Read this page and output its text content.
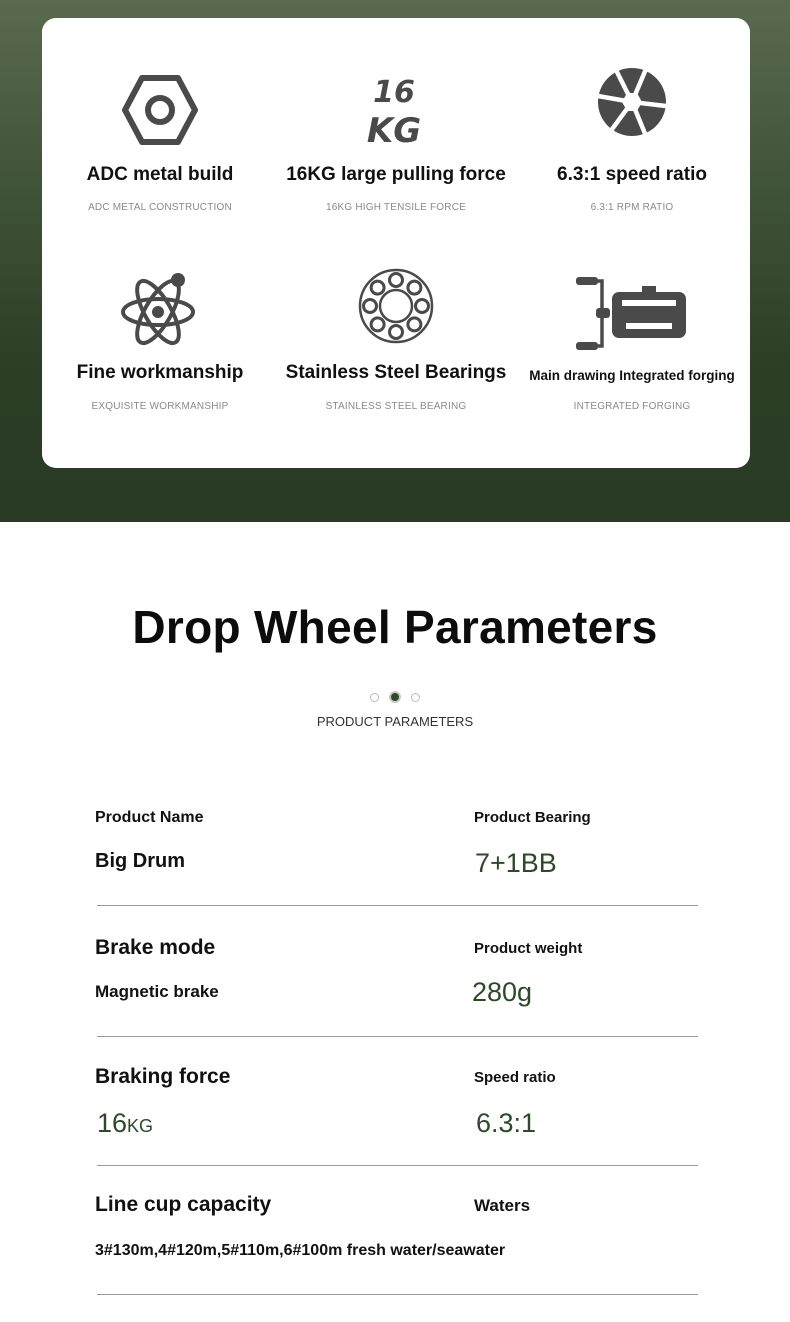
ADC metal build
ADC METAL CONSTRUCTION
16
KG
16KG large pulling force
16KG HIGH TENSILE FORCE
6.3:1 speed ratio
6.3:1 RPM RATIO
Fine workmanship
EXQUISITE WORKMANSHIP
Stainless Steel Bearings
STAINLESS STEEL BEARING
Main drawing Integrated forging
INTEGRATED FORGING
Drop Wheel Parameters
PRODUCT PARAMETERS
Product Name
Big Drum
Product Bearing
7+1BB
Brake mode
Magnetic brake
Product weight
280g
Braking force
16KG
Speed ratio
6.3:1
Line cup capacity	Waters
3#130m,4#120m,5#110m,6#100m fresh water/seawater
